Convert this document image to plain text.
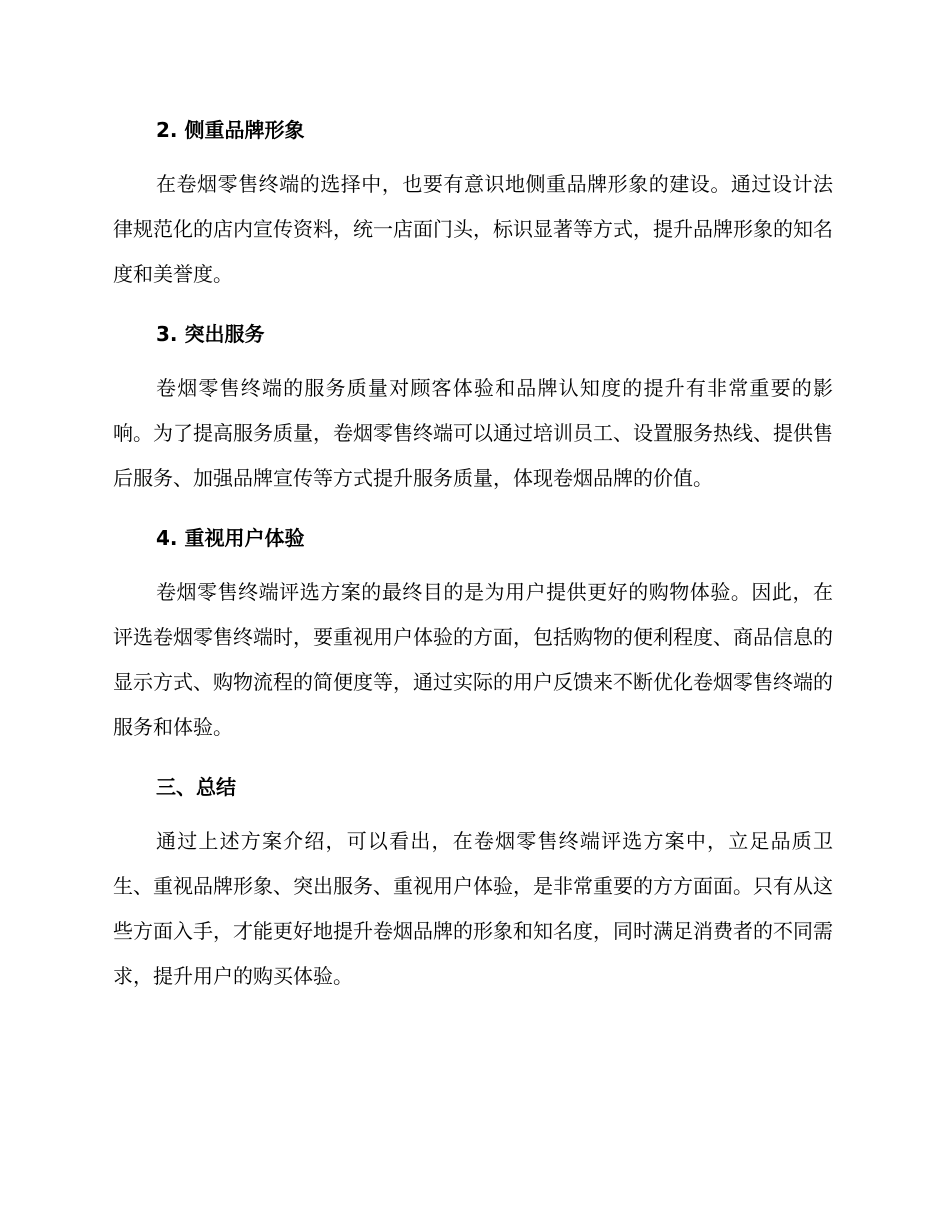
2. 侧重品牌形象

在卷烟零售终端的选择中，也要有意识地侧重品牌形象的建设。通过设计法律规范化的店内宣传资料，统一店面门头，标识显著等方式，提升品牌形象的知名度和美誉度。

3. 突出服务

卷烟零售终端的服务质量对顾客体验和品牌认知度的提升有非常重要的影响。为了提高服务质量，卷烟零售终端可以通过培训员工、设置服务热线、提供售后服务、加强品牌宣传等方式提升服务质量，体现卷烟品牌的价值。

4. 重视用户体验

卷烟零售终端评选方案的最终目的是为用户提供更好的购物体验。因此，在评选卷烟零售终端时，要重视用户体验的方面，包括购物的便利程度、商品信息的显示方式、购物流程的简便度等，通过实际的用户反馈来不断优化卷烟零售终端的服务和体验。

三、总结

通过上述方案介绍，可以看出，在卷烟零售终端评选方案中，立足品质卫生、重视品牌形象、突出服务、重视用户体验，是非常重要的方方面面。只有从这些方面入手，才能更好地提升卷烟品牌的形象和知名度，同时满足消费者的不同需求，提升用户的购买体验。
